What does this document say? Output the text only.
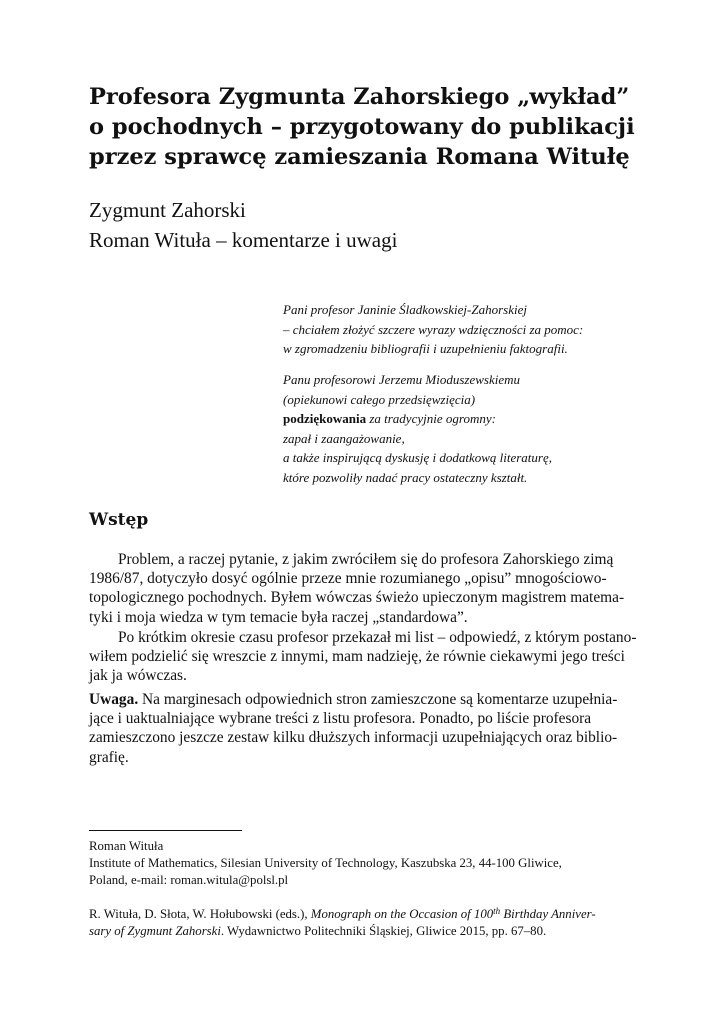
Profesora Zygmunta Zahorskiego „wykład”
o pochodnych – przygotowany do publikacji
przez sprawcę zamieszania Romana Witułę
Zygmunt Zahorski
Roman Wituła – komentarze i uwagi
Pani profesor Janinie Śladkowskiej-Zahorskiej
– chciałem złożyć szczere wyrazy wdzięczności za pomoc:
w zgromadzeniu bibliografii i uzupełnieniu faktografii.
Panu profesorowi Jerzemu Mioduszewskiemu
(opiekunowi całego przedsięwzięcia)
podziękowania za tradycyjnie ogromny:
zapał i zaangażowanie,
a także inspirującą dyskusję i dodatkową literaturę,
które pozwoliły nadać pracy ostateczny kształt.
Wstęp
Problem, a raczej pytanie, z jakim zwróciłem się do profesora Zahorskiego zimą
1986/87, dotyczyło dosyć ogólnie przeze mnie rozumianego „opisu” mnogościowo-
topologicznego pochodnych. Byłem wówczas świeżo upieczonym magistrem matema-
tyki i moja wiedza w tym temacie była raczej „standardowa”.
Po krótkim okresie czasu profesor przekazał mi list – odpowiedź, z którym postano-
wiłem podzielić się wreszcie z innymi, mam nadzieję, że równie ciekawymi jego treści
jak ja wówczas.
Uwaga. Na marginesach odpowiednich stron zamieszczone są komentarze uzupełnia-
jące i uaktualniające wybrane treści z listu profesora. Ponadto, po liście profesora
zamieszczono jeszcze zestaw kilku dłuższych informacji uzupełniających oraz biblio-
grafię.
Roman Wituła
Institute of Mathematics, Silesian University of Technology, Kaszubska 23, 44-100 Gliwice,
Poland, e-mail: roman.witula@polsl.pl
R. Wituła, D. Słota, W. Hołubowski (eds.), Monograph on the Occasion of 100th Birthday Anniver-
sary of Zygmunt Zahorski. Wydawnictwo Politechniki Śląskiej, Gliwice 2015, pp. 67–80.
